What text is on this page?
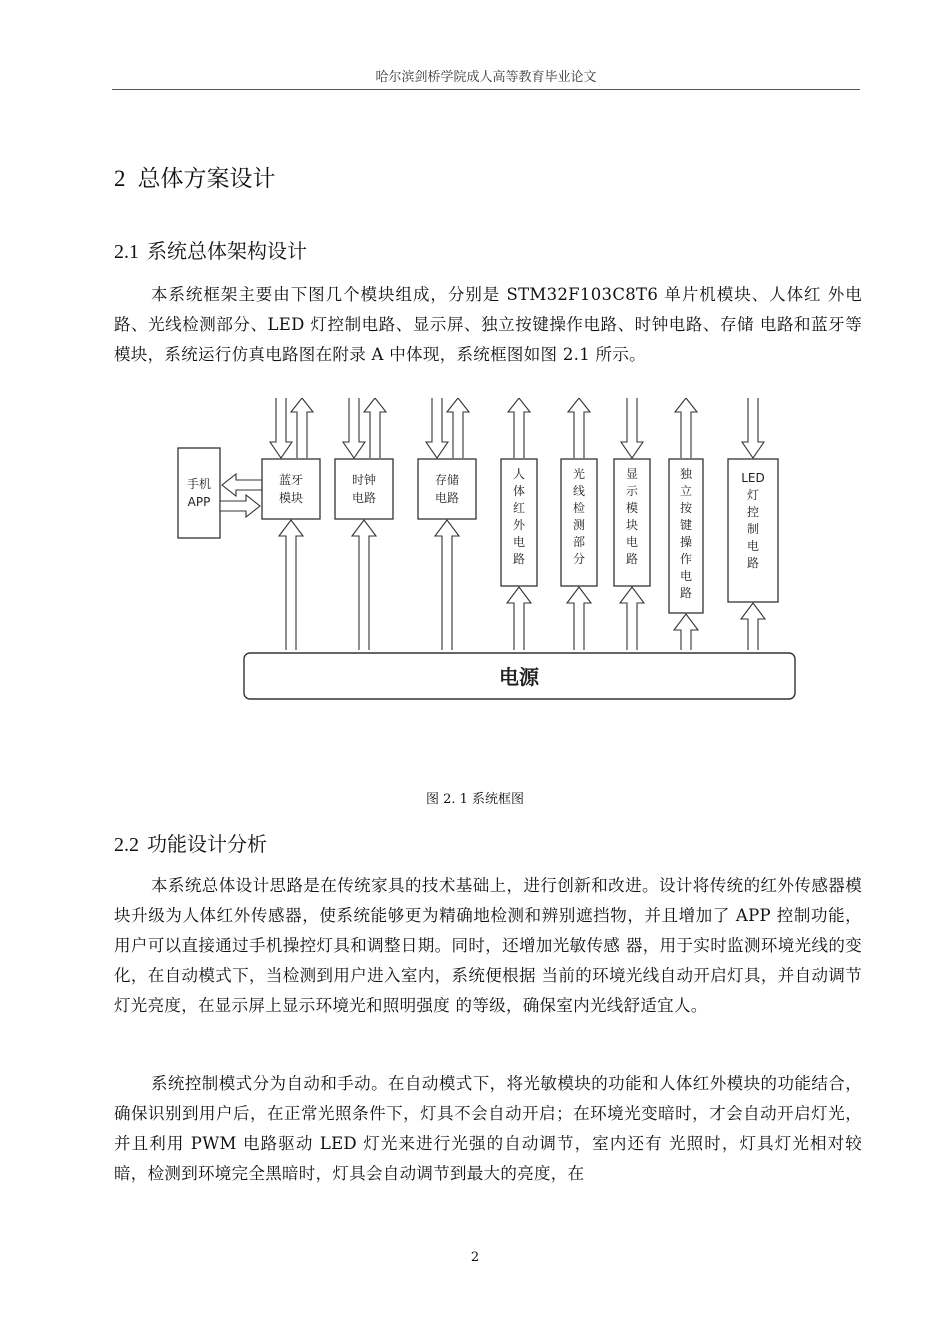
哈尔滨剑桥学院成人高等教育毕业论文
2 总体方案设计
2.1 系统总体架构设计

本系统框架主要由下图几个模块组成，分别是 STM32F103C8T6 单片机模块、人体红 外电路、光线检测部分、LED 灯控制电路、显示屏、独立按键操作电路、时钟电路、存储 电路和蓝牙等模块，系统运行仿真电路图在附录 A 中体现，系统框图如图 2.1 所示。

手机
APP
蓝牙
模块
时钟
电路
存储
电路
人
体
红
外
电
路
光
线
检
测
部
分
显
示
模
块
电
路
独
立
按
键
操
作
电
路
LED
灯
控
制
电
路
电源
图 2. 1 系统框图
2.2 功能设计分析

本系统总体设计思路是在传统家具的技术基础上，进行创新和改进。设计将传统的红外传感器模块升级为人体红外传感器，使系统能够更为精确地检测和辨别遮挡物，并且增加了 APP 控制功能，用户可以直接通过手机操控灯具和调整日期。同时，还增加光敏传感 器，用于实时监测环境光线的变化，在自动模式下，当检测到用户进入室内，系统便根据 当前的环境光线自动开启灯具，并自动调节灯光亮度，在显示屏上显示环境光和照明强度 的等级，确保室内光线舒适宜人。

系统控制模式分为自动和手动。在自动模式下，将光敏模块的功能和人体红外模块的功能结合，确保识别到用户后，在正常光照条件下，灯具不会自动开启；在环境光变暗时，才会自动开启灯光，并且利用 PWM 电路驱动 LED 灯光来进行光强的自动调节，室内还有 光照时，灯具灯光相对较暗，检测到环境完全黑暗时，灯具会自动调节到最大的亮度，在

2
